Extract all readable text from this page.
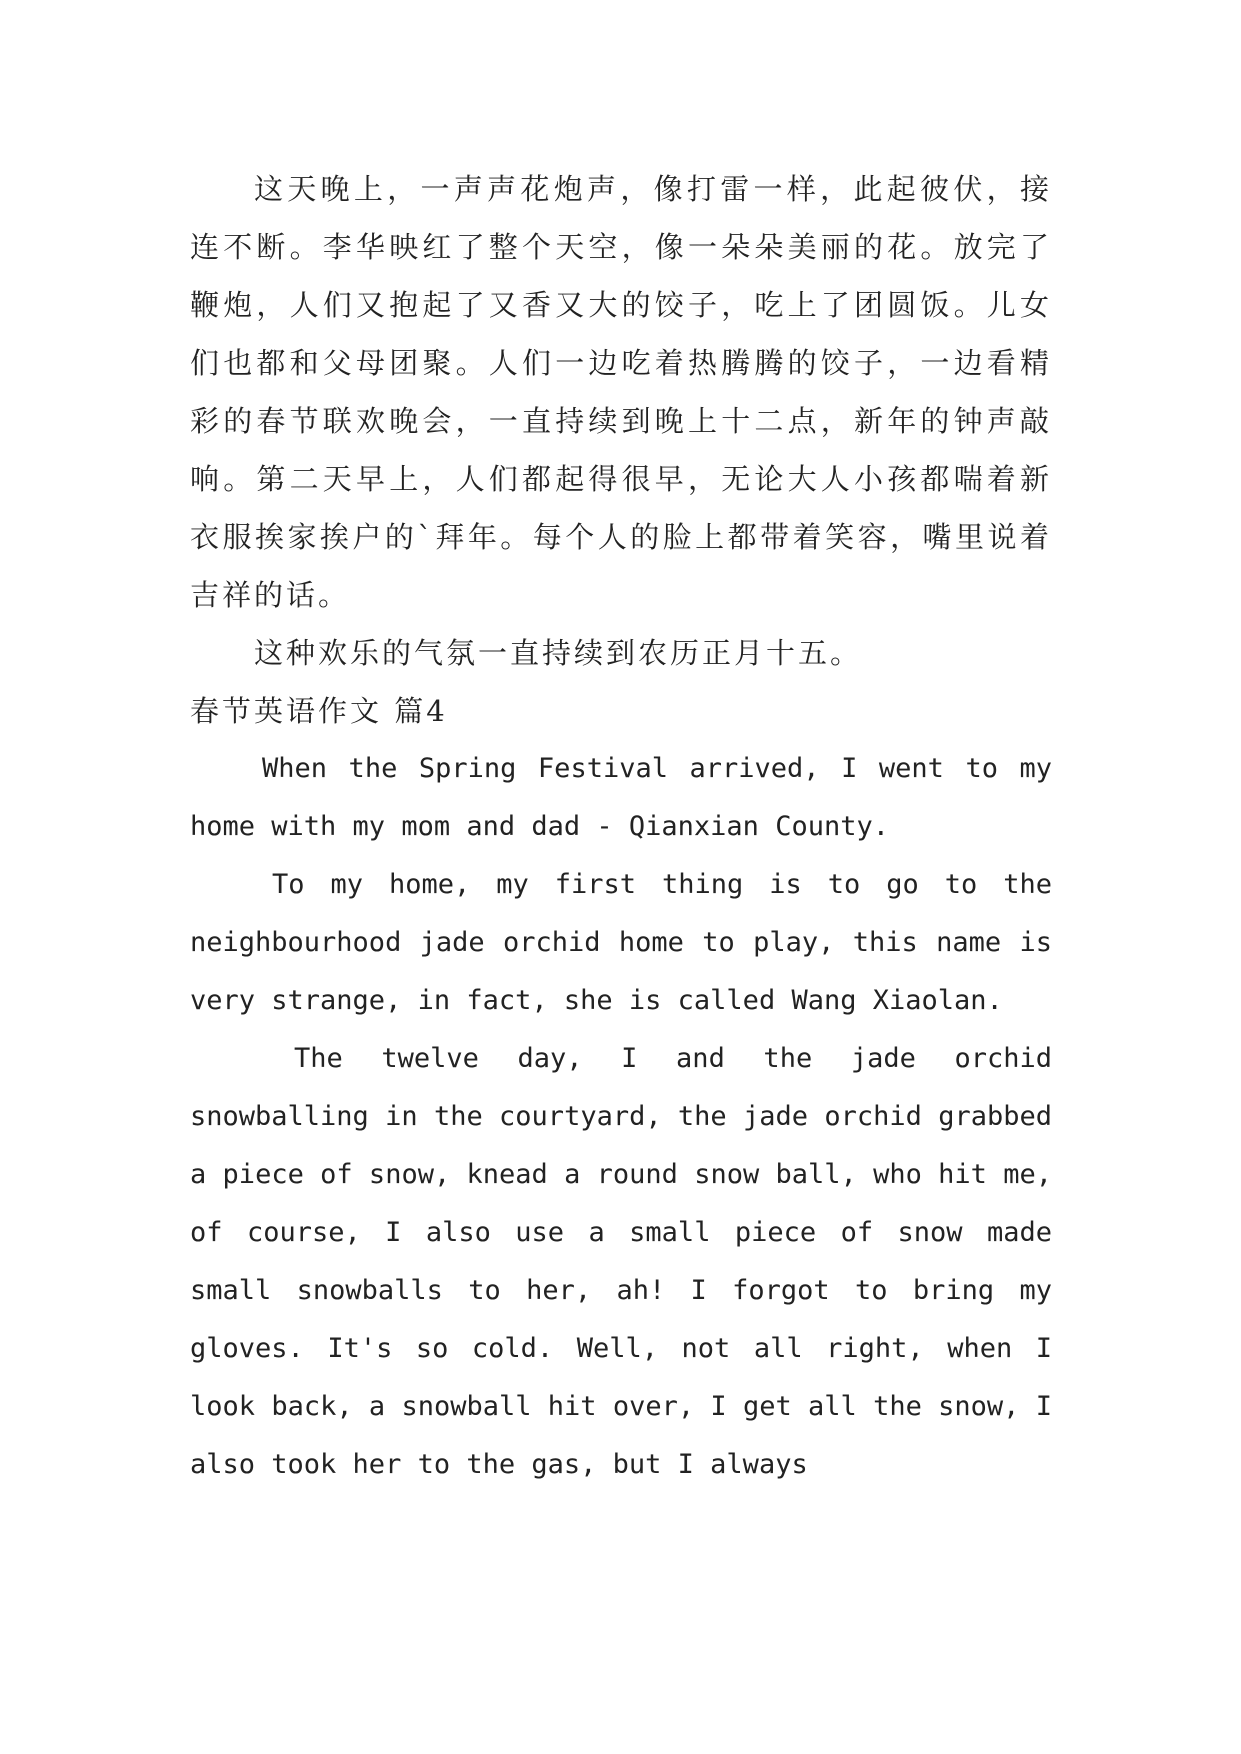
这天晚上，一声声花炮声，像打雷一样，此起彼伏，接连不断。李华映红了整个天空，像一朵朵美丽的花。放完了鞭炮，人们又抱起了又香又大的饺子，吃上了团圆饭。儿女们也都和父母团聚。人们一边吃着热腾腾的饺子，一边看精彩的春节联欢晚会，一直持续到晚上十二点，新年的钟声敲响。第二天早上，人们都起得很早，无论大人小孩都喘着新衣服挨家挨户的`拜年。每个人的脸上都带着笑容，嘴里说着吉祥的话。

这种欢乐的气氛一直持续到农历正月十五。

春节英语作文 篇4

When the Spring Festival arrived, I went to my home with my mom and dad - Qianxian County.

To my home, my first thing is to go to the neighbourhood jade orchid home to play, this name is very strange, in fact, she is called Wang Xiaolan.

The twelve day, I and the jade orchid snowballing in the courtyard, the jade orchid grabbed a piece of snow, knead a round snow ball, who hit me, of course, I also use a small piece of snow made small snowballs to her, ah! I forgot to bring my gloves. It's so cold. Well, not all right, when I look back, a snowball hit over, I get all the snow, I also took her to the gas, but I always
